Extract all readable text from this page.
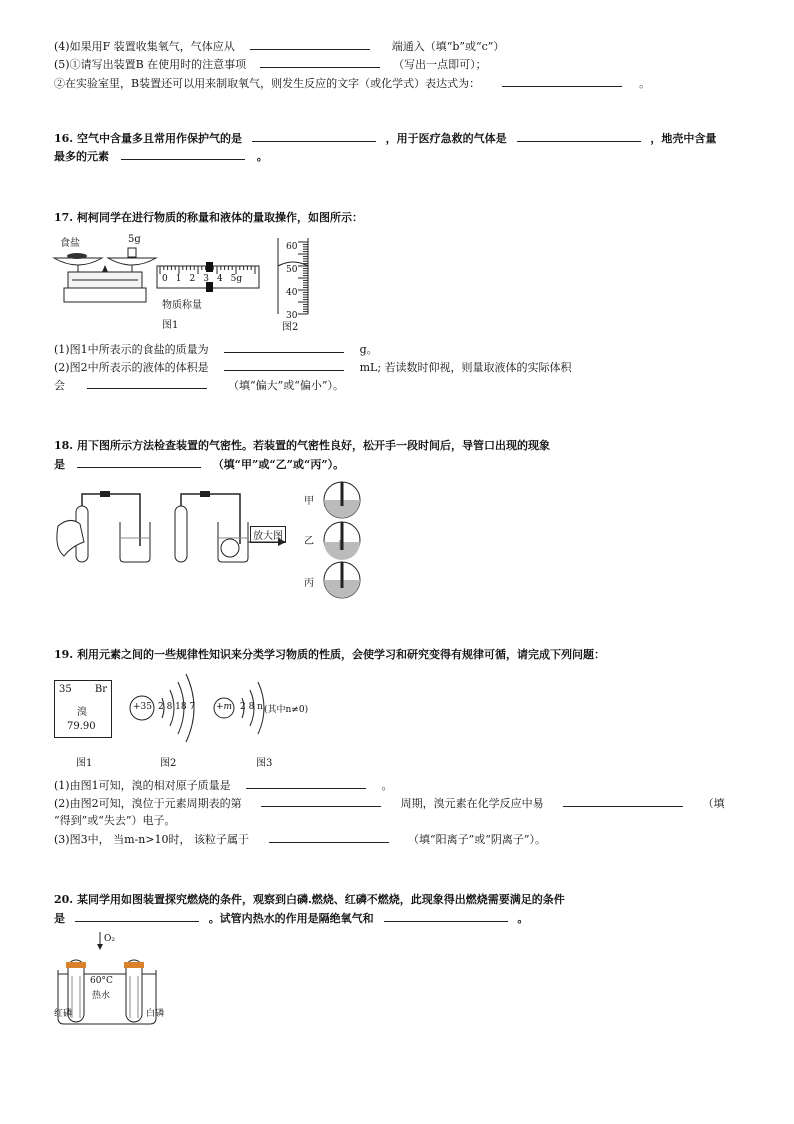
(4)如果用F 装置收集氧气，气体应从	端通入（填“b”或“c”）
(5)①请写出装置B 在使用时的注意事项	（写出一点即可）；
②在实验室里，B装置还可以用来制取氧气，则发生反应的文字（或化学式）表达式为：	。
16. 空气中含量多且常用作保护气的是	，用于医疗急救的气体是	，地壳中含量
最多的元素	。
17. 柯柯同学在进行物质的称量和液体的量取操作，如图所示：
食盐	5g
物质称量
图1
0 1 2 3 4 5g
60
50
40
30
图2
(1)图1中所表示的食盐的质量为	g。
(2)图2中所表示的液体的体积是	mL; 若读数时仰视，则量取液体的实际体积
会	（填“偏大”或“偏小”）。
18. 用下图所示方法检查装置的气密性。若装置的气密性良好，松开手一段时间后，导管口出现的现象
是	（填“甲”或“乙”或“丙”）。
放大图
甲
乙
丙
19. 利用元素之间的一些规律性知识来分类学习物质的性质，会使学习和研究变得有规律可循，请完成下列问题：
35 Br
溴
79.90
+35 2 8 18 7 +m 2 8 n (其中n≠0)
图1	图2	图3
(1)由图1可知，溴的相对原子质量是	。
(2)由图2可知，溴位于元素周期表的第	周期，溴元素在化学反应中易	（填
“得到”或“失去”）电子。
(3)图3中， 当m-n>10时， 该粒子属于	（填“阳离子”或“阴离子”）。
20. 某同学用如图装置探究燃烧的条件，观察到白磷.燃烧、红磷不燃烧，此现象得出燃烧需要满足的条件
是	。试管内热水的作用是隔绝氧气和	。
O₂
60°C
热水
红磷	白磷
